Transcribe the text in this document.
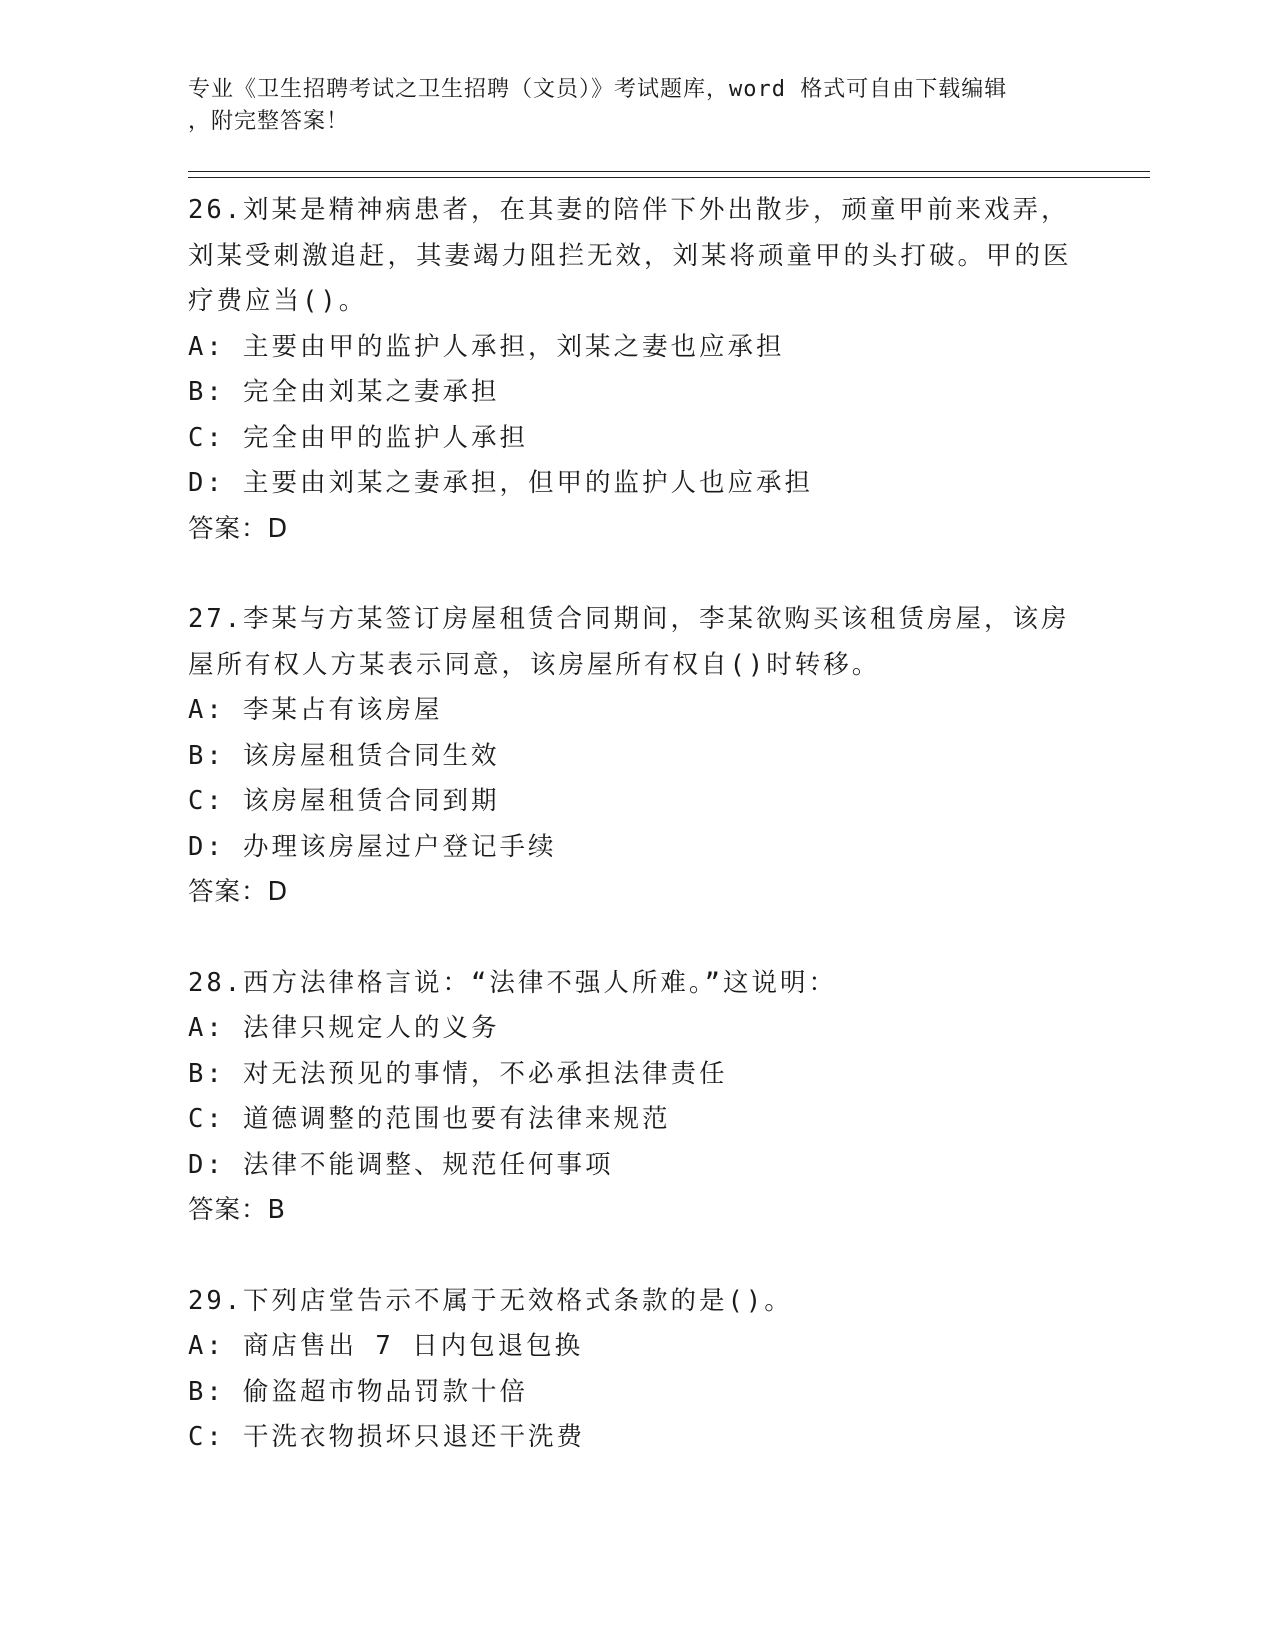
专业《卫生招聘考试之卫生招聘（文员）》考试题库，word 格式可自由下载编辑
，附完整答案！

26.刘某是精神病患者，在其妻的陪伴下外出散步，顽童甲前来戏弄，刘某受刺激追赶，其妻竭力阻拦无效，刘某将顽童甲的头打破。甲的医疗费应当()。

A: 主要由甲的监护人承担，刘某之妻也应承担

B: 完全由刘某之妻承担

C: 完全由甲的监护人承担

D: 主要由刘某之妻承担，但甲的监护人也应承担

答案：D

27.李某与方某签订房屋租赁合同期间，李某欲购买该租赁房屋，该房屋所有权人方某表示同意，该房屋所有权自()时转移。

A: 李某占有该房屋

B: 该房屋租赁合同生效

C: 该房屋租赁合同到期

D: 办理该房屋过户登记手续

答案：D

28.西方法律格言说：“法律不强人所难。”这说明：

A: 法律只规定人的义务

B: 对无法预见的事情，不必承担法律责任

C: 道德调整的范围也要有法律来规范

D: 法律不能调整、规范任何事项

答案：B

29.下列店堂告示不属于无效格式条款的是()。

A: 商店售出 7 日内包退包换

B: 偷盗超市物品罚款十倍

C: 干洗衣物损坏只退还干洗费
